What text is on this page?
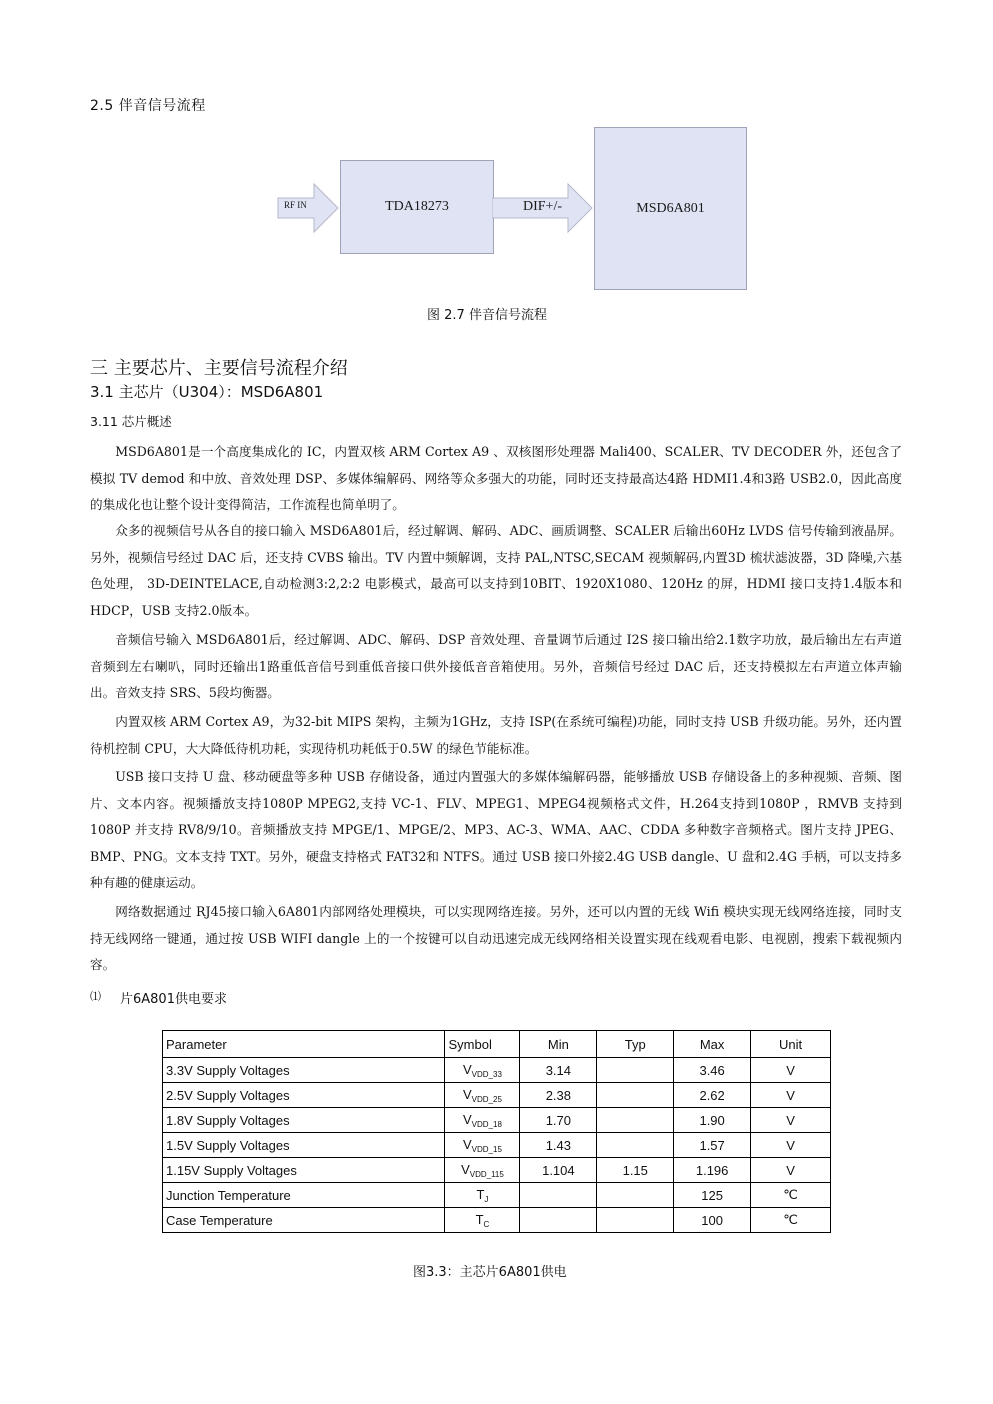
2.5 伴音信号流程
RF IN	TDA18273	DIF+/-	MSD6A801
图 2.7 伴音信号流程
三 主要芯片、主要信号流程介绍
3.1 主芯片（U304）：MSD6A801
3.11 芯片概述

MSD6A801是一个高度集成化的 IC，内置双核 ARM Cortex A9 、双核图形处理器 Mali400、SCALER、TV DECODER 外，还包含了模拟 TV demod 和中放、音效处理 DSP、多媒体编解码、网络等众多强大的功能，同时还支持最高达4路 HDMI1.4和3路 USB2.0，因此高度的集成化也让整个设计变得简洁，工作流程也简单明了。

众多的视频信号从各自的接口输入 MSD6A801后，经过解调、解码、ADC、画质调整、SCALER 后输出60Hz LVDS 信号传输到液晶屏。另外，视频信号经过 DAC 后，还支持 CVBS 输出。TV 内置中频解调，支持 PAL,NTSC,SECAM 视频解码,内置3D 梳状滤波器，3D 降噪,六基色处理， 3D-DEINTELACE,自动检测3:2,2:2 电影模式，最高可以支持到10BIT、1920X1080、120Hz 的屏，HDMI 接口支持1.4版本和 HDCP，USB 支持2.0版本。

音频信号输入 MSD6A801后，经过解调、ADC、解码、DSP 音效处理、音量调节后通过 I2S 接口输出给2.1数字功放，最后输出左右声道音频到左右喇叭，同时还输出1路重低音信号到重低音接口供外接低音音箱使用。另外，音频信号经过 DAC 后，还支持模拟左右声道立体声输出。音效支持 SRS、5段均衡器。

内置双核 ARM Cortex A9，为32-bit MIPS 架构，主频为1GHz，支持 ISP(在系统可编程)功能，同时支持 USB 升级功能。另外，还内置待机控制 CPU，大大降低待机功耗，实现待机功耗低于0.5W 的绿色节能标准。

USB 接口支持 U 盘、移动硬盘等多种 USB 存储设备，通过内置强大的多媒体编解码器，能够播放 USB 存储设备上的多种视频、音频、图片、文本内容。视频播放支持1080P MPEG2,支持 VC-1、FLV、MPEG1、MPEG4视频格式文件，H.264支持到1080P ，RMVB 支持到1080P 并支持 RV8/9/10。音频播放支持 MPGE/1、MPGE/2、MP3、AC-3、WMA、AAC、CDDA 多种数字音频格式。图片支持 JPEG、BMP、PNG。文本支持 TXT。另外，硬盘支持格式 FAT32和 NTFS。通过 USB 接口外接2.4G USB dangle、U 盘和2.4G 手柄，可以支持多种有趣的健康运动。

网络数据通过 RJ45接口输入6A801内部网络处理模块，可以实现网络连接。另外，还可以内置的无线 Wifi 模块实现无线网络连接，同时支持无线网络一键通，通过按 USB WIFI dangle 上的一个按键可以自动迅速完成无线网络相关设置实现在线观看电影、电视剧，搜索下载视频内容。

⑴ 片6A801供电要求
Parameter	Symbol	Min	Typ	Max	Unit
3.3V Supply Voltages	$V_{VDD\_33}$	3.14		3.46	V
2.5V Supply Voltages	$V_{VDD\_25}$	2.38		2.62	V
1.8V Supply Voltages	$V_{VDD\_18}$	1.70		1.90	V
1.5V Supply Voltages	$V_{VDD\_15}$	1.43		1.57	V
1.15V Supply Voltages	$V_{VDD\_115}$	1.104	1.15	1.196	V
Junction Temperature	$T_J$			125	℃
Case Temperature	$T_C$			100	℃
图3.3：主芯片6A801供电
